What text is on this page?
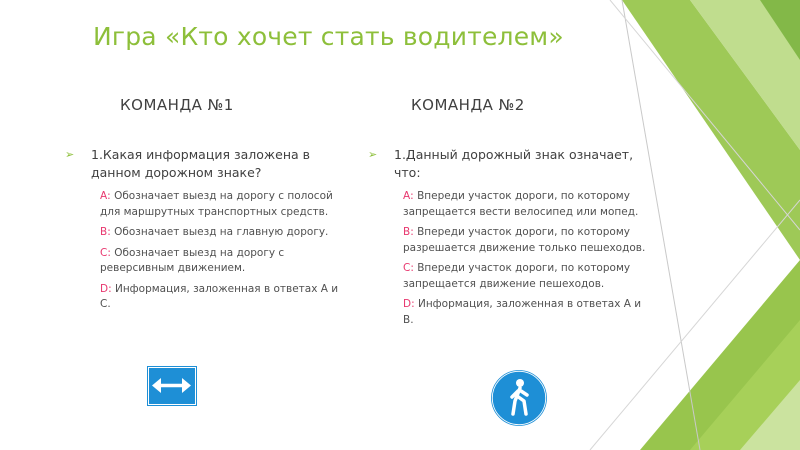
Игра «Кто хочет стать водителем»
КОМАНДА №1	КОМАНДА №2
➢ 1.Какая информация заложена в данном дорожном знаке?
А: Обозначает выезд на дорогу с полосой для маршрутных транспортных средств.
В: Обозначает выезд на главную дорогу.
С: Обозначает выезд на дорогу с реверсивным движением.
D: Информация, заложенная в ответах А и С.
➢ 1.Данный дорожный знак означает, что:
А: Впереди участок дороги, по которому запрещается вести велосипед или мопед.
В: Впереди участок дороги, по которому разрешается движение только пешеходов.
С: Впереди участок дороги, по которому запрещается движение пешеходов.
D: Информация, заложенная в ответах А и В.
